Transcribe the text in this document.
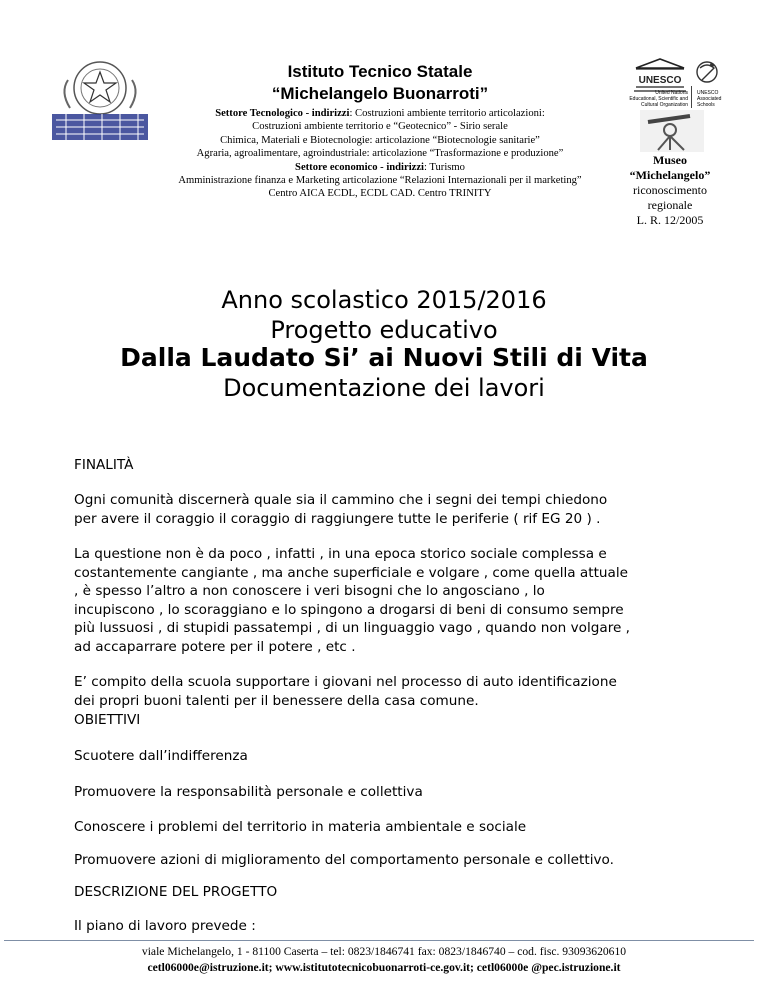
Istituto Tecnico Statale
“Michelangelo Buonarroti”
Settore Tecnologico - indirizzi: Costruzioni ambiente territorio articolazioni:
Costruzioni ambiente territorio e “Geotecnico” - Sirio serale
Chimica, Materiali e Biotecnologie: articolazione “Biotecnologie sanitarie”
Agraria, agroalimentare, agroindustriale: articolazione “Trasformazione e produzione”
Settore economico - indirizzi: Turismo
Amministrazione finanza e Marketing articolazione “Relazioni Internazionali per il marketing”
Centro AICA ECDL, ECDL CAD. Centro TRINITY
UNESCO
United Nations
Educational, Scientific and
Cultural Organization
UNESCO
Associated
Schools
Museo
“Michelangelo”
riconoscimento
regionale
L. R. 12/2005
Anno scolastico 2015/2016
Progetto educativo
Dalla Laudato Si’ ai Nuovi Stili di Vita
Documentazione dei lavori
FINALITÀ
Ogni comunità discernerà quale sia il cammino che i segni dei tempi chiedono
per avere il coraggio il coraggio di raggiungere tutte le periferie ( rif EG 20 ) .
La questione non è da poco , infatti , in una epoca storico sociale complessa e
costantemente cangiante , ma anche superficiale e volgare , come quella attuale
, è spesso l’altro a non conoscere i veri bisogni che lo angosciano , lo
incupiscono , lo scoraggiano e lo spingono a drogarsi di beni di consumo sempre
più lussuosi , di stupidi passatempi , di un linguaggio vago , quando non volgare ,
ad accaparrare potere per il potere , etc .
E’ compito della scuola supportare i giovani nel processo di auto identificazione
dei propri buoni talenti per il benessere della casa comune.
OBIETTIVI
Scuotere dall’indifferenza
Promuovere la responsabilità personale e collettiva
Conoscere i problemi del territorio in materia ambientale e sociale
Promuovere azioni di miglioramento del comportamento personale e collettivo.
DESCRIZIONE DEL PROGETTO
Il piano di lavoro prevede :
viale Michelangelo, 1 - 81100 Caserta – tel: 0823/1846741 fax: 0823/1846740 – cod. fisc. 93093620610
cetl06000e@istruzione.it; www.istitutotecnicobuonarroti-ce.gov.it; cetl06000e @pec.istruzione.it
